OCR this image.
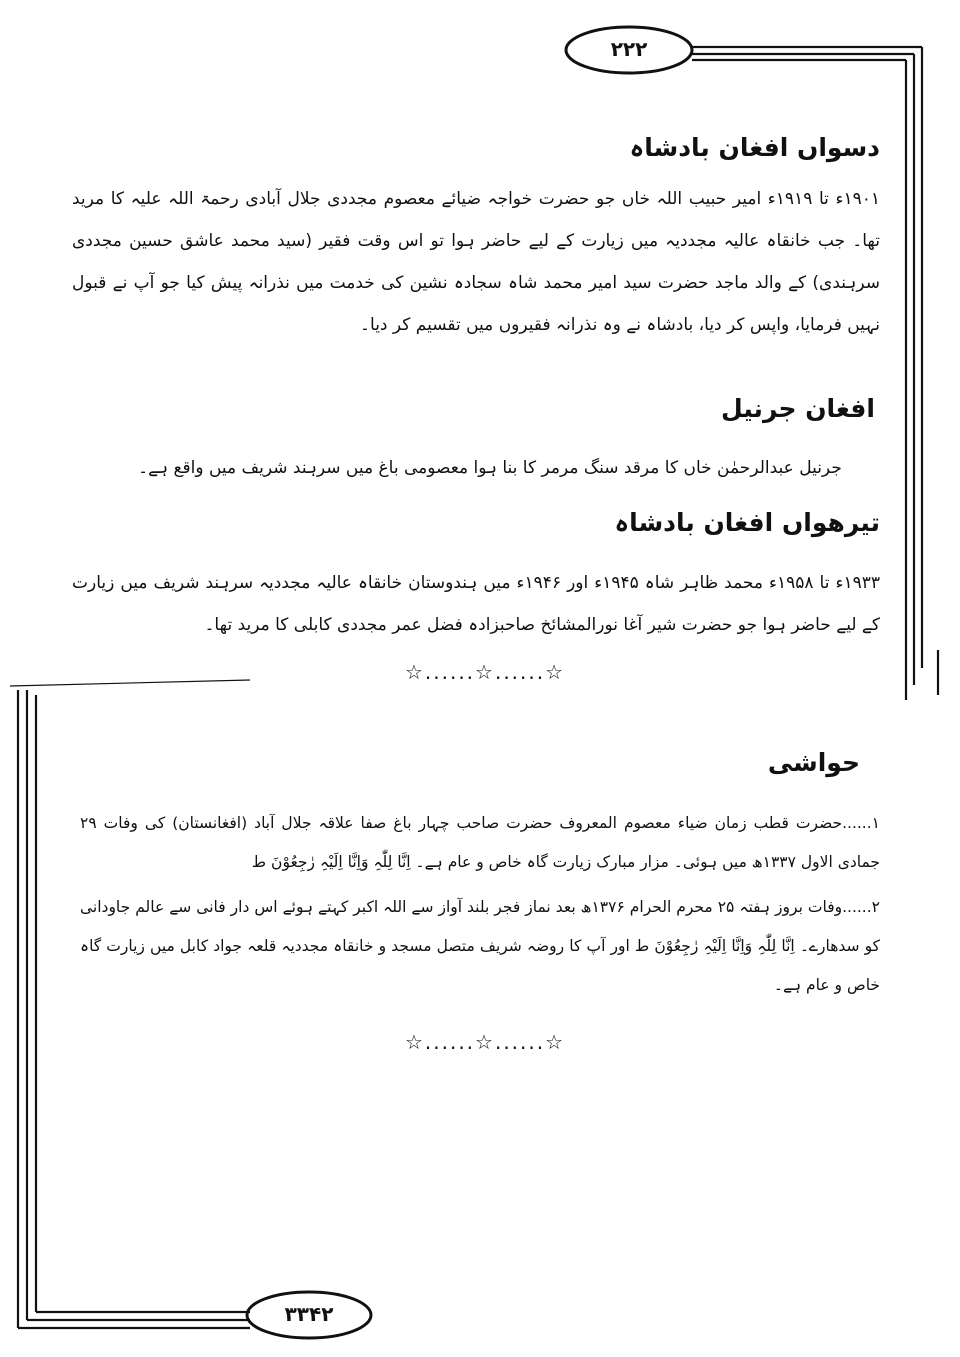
۲۲۲
دسواں افغان بادشاہ
۱۹۰۱ء تا ۱۹۱۹ء امیر حبیب اللہ خاں جو حضرت خواجہ ضیائے معصوم مجددی جلال آبادی رحمۃ اللہ علیہ کا مرید تھا۔ جب خانقاہ عالیہ مجددیہ میں زیارت کے لیے حاضر ہوا تو اس وقت فقیر (سید محمد عاشق حسین مجددی سرہندی) کے والد ماجد حضرت سید امیر محمد شاہ سجادہ نشین کی خدمت میں نذرانہ پیش کیا جو آپ نے قبول نہیں فرمایا، واپس کر دیا، بادشاہ نے وہ نذرانہ فقیروں میں تقسیم کر دیا۔
افغان جرنیل
جرنیل عبدالرحمٰن خاں کا مرقد سنگ مرمر کا بنا ہوا معصومی باغ میں سرہند شریف میں واقع ہے۔
تیرھواں افغان بادشاہ
۱۹۳۳ء تا ۱۹۵۸ء محمد ظاہر شاہ ۱۹۴۵ء اور ۱۹۴۶ء میں ہندوستان خانقاہ عالیہ مجددیہ سرہند شریف میں زیارت کے لیے حاضر ہوا جو حضرت شیر آغا نورالمشائخ صاحبزادہ فضل عمر مجددی کابلی کا مرید تھا۔
☆......☆......☆
حواشی
۱......حضرت قطب زمان ضیاء معصوم المعروف حضرت صاحب چہار باغ صفا علاقہ جلال آباد (افغانستان) کی وفات ۲۹ جمادی الاول ۱۳۳۷ھ میں ہوئی۔ مزار مبارک زیارت گاہ خاص و عام ہے۔ اِنَّا لِلّٰہِ وَاِنَّا اِلَیْہِ رٰجِعُوْنَ ط
۲......وفات بروز ہفتہ ۲۵ محرم الحرام ۱۳۷۶ھ بعد نماز فجر بلند آواز سے اللہ اکبر کہتے ہوئے اس دار فانی سے عالم جاودانی کو سدھارے۔ اِنَّا لِلّٰہِ وَاِنَّا اِلَیْہِ رٰجِعُوْنَ ط اور آپ کا روضہ شریف متصل مسجد و خانقاہ مجددیہ قلعہ جواد کابل میں زیارت گاہ خاص و عام ہے۔
☆......☆......☆
۳۳۴۲
